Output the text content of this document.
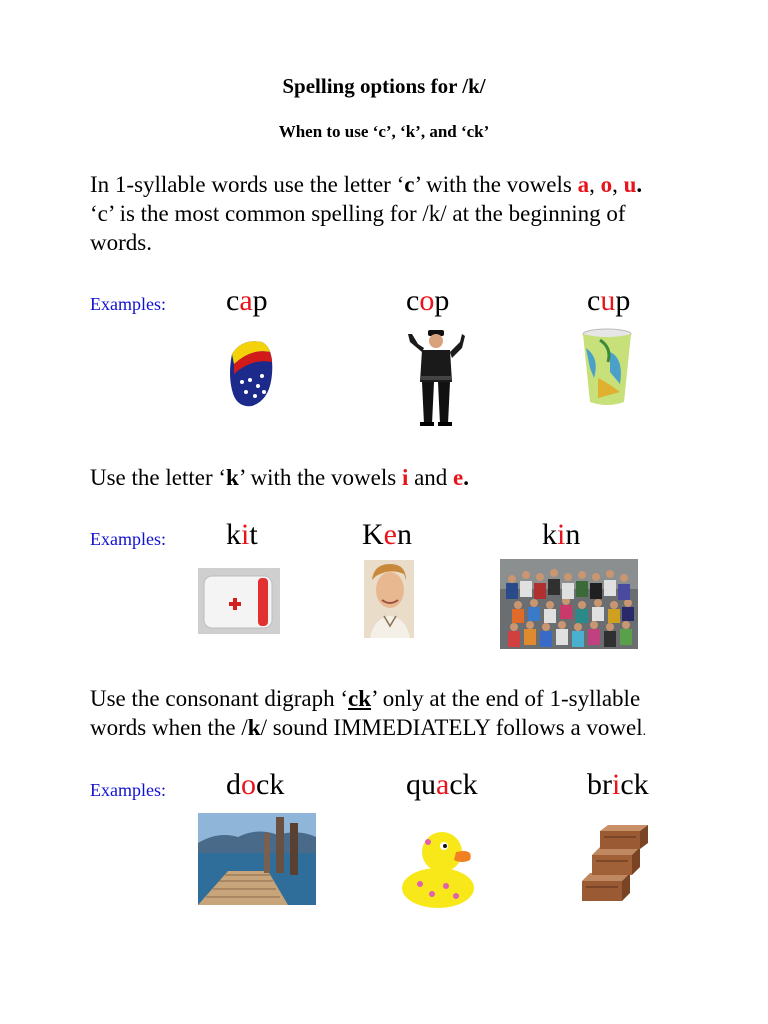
Spelling options for /k/
When to use ‘c’, ‘k’, and ‘ck’
In 1-syllable words use the letter ‘c’ with the vowels a, o, u.
‘c’ is the most common spelling for /k/ at the beginning of words.
Examples: cap	cop	cup
Use the letter ‘k’ with the vowels i and e.
Examples: kit	Ken	kin
Use the consonant digraph ‘ck’ only at the end of 1-syllable words when the /k/ sound IMMEDIATELY follows a vowel.
Examples: dock	quack	brick
